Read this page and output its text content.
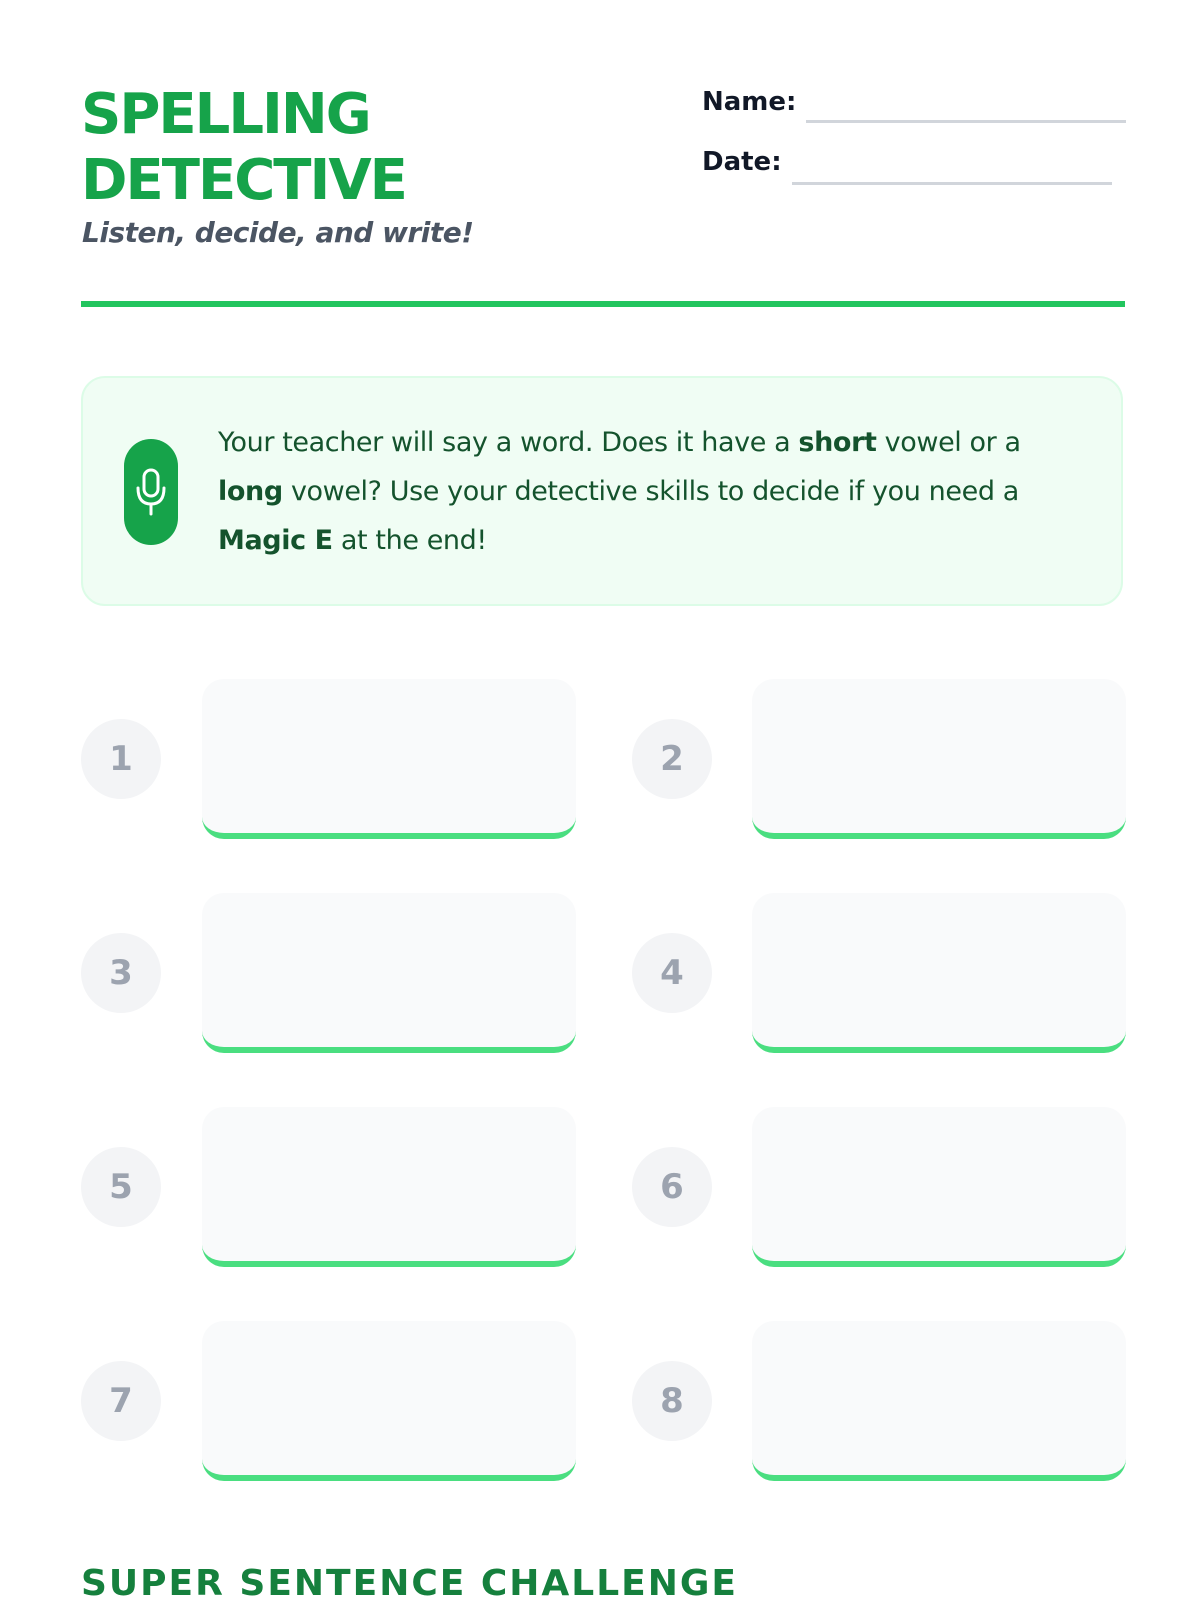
SPELLING
DETECTIVE
Listen, decide, and write!
Name:
Date:
Your teacher will say a word. Does it have a short vowel or a long vowel? Use your detective skills to decide if you need a Magic E at the end!
1	2
3	4
5	6
7	8
SUPER SENTENCE CHALLENGE
